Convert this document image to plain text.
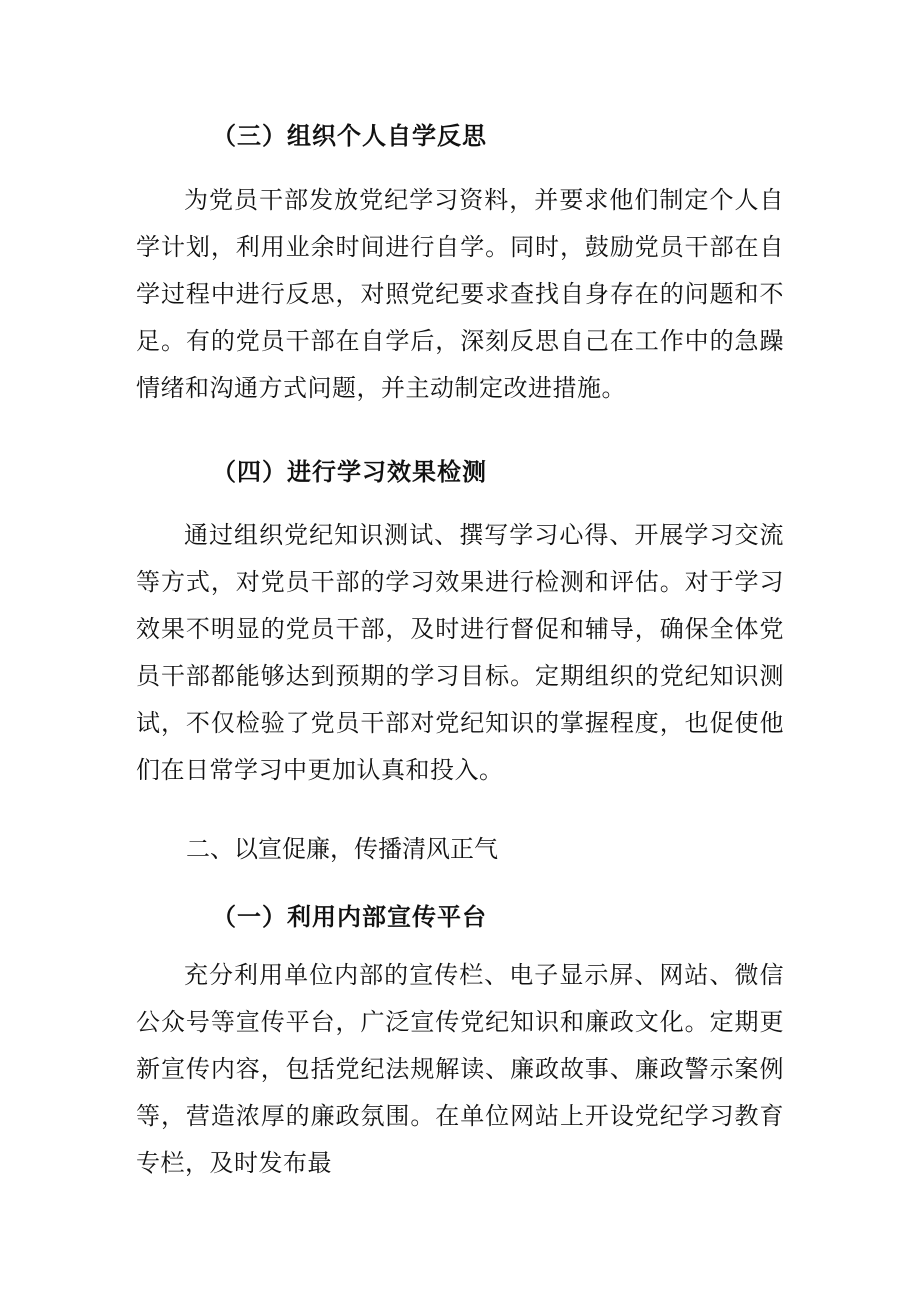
（三）组织个人自学反思

为党员干部发放党纪学习资料，并要求他们制定个人自学计划，利用业余时间进行自学。同时，鼓励党员干部在自学过程中进行反思，对照党纪要求查找自身存在的问题和不足。有的党员干部在自学后，深刻反思自己在工作中的急躁情绪和沟通方式问题，并主动制定改进措施。

（四）进行学习效果检测

通过组织党纪知识测试、撰写学习心得、开展学习交流等方式，对党员干部的学习效果进行检测和评估。对于学习效果不明显的党员干部，及时进行督促和辅导，确保全体党员干部都能够达到预期的学习目标。定期组织的党纪知识测试，不仅检验了党员干部对党纪知识的掌握程度，也促使他们在日常学习中更加认真和投入。

二、以宣促廉，传播清风正气
（一）利用内部宣传平台

充分利用单位内部的宣传栏、电子显示屏、网站、微信公众号等宣传平台，广泛宣传党纪知识和廉政文化。定期更新宣传内容，包括党纪法规解读、廉政故事、廉政警示案例等，营造浓厚的廉政氛围。在单位网站上开设党纪学习教育专栏，及时发布最
